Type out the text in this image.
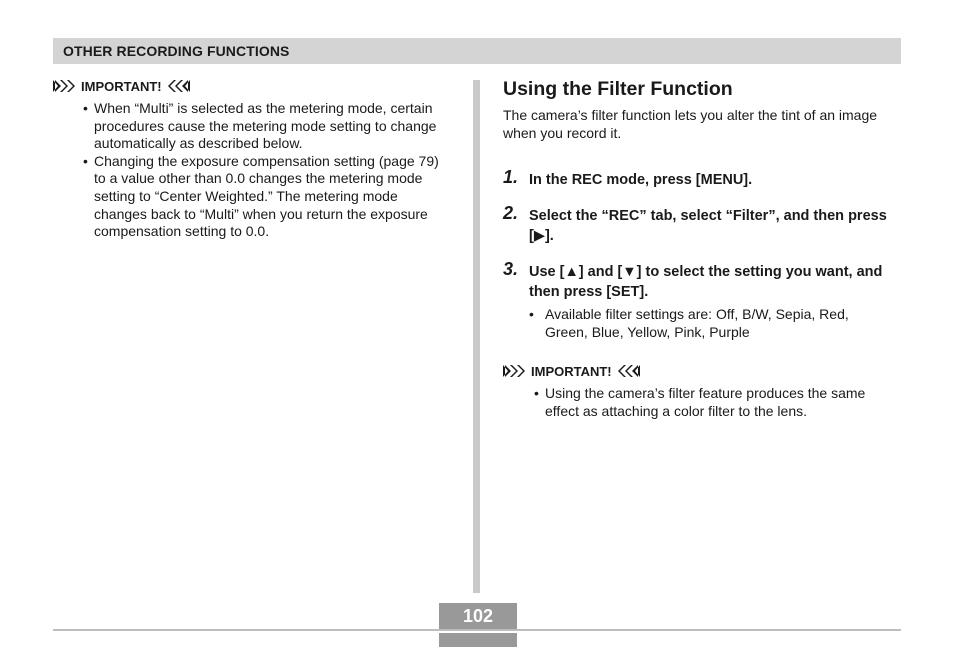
OTHER RECORDING FUNCTIONS
IMPORTANT!
• When “Multi” is selected as the metering mode, certain procedures cause the metering mode setting to change automatically as described below.
• Changing the exposure compensation setting (page 79) to a value other than 0.0 changes the metering mode setting to “Center Weighted.” The metering mode changes back to “Multi” when you return the exposure compensation setting to 0.0.
Using the Filter Function
The camera’s filter function lets you alter the tint of an image when you record it.
1. In the REC mode, press [MENU].
2. Select the “REC” tab, select “Filter”, and then press [▶].
3. Use [▲] and [▼] to select the setting you want, and then press [SET].
• Available filter settings are: Off, B/W, Sepia, Red, Green, Blue, Yellow, Pink, Purple
IMPORTANT!
• Using the camera’s filter feature produces the same effect as attaching a color filter to the lens.
102
